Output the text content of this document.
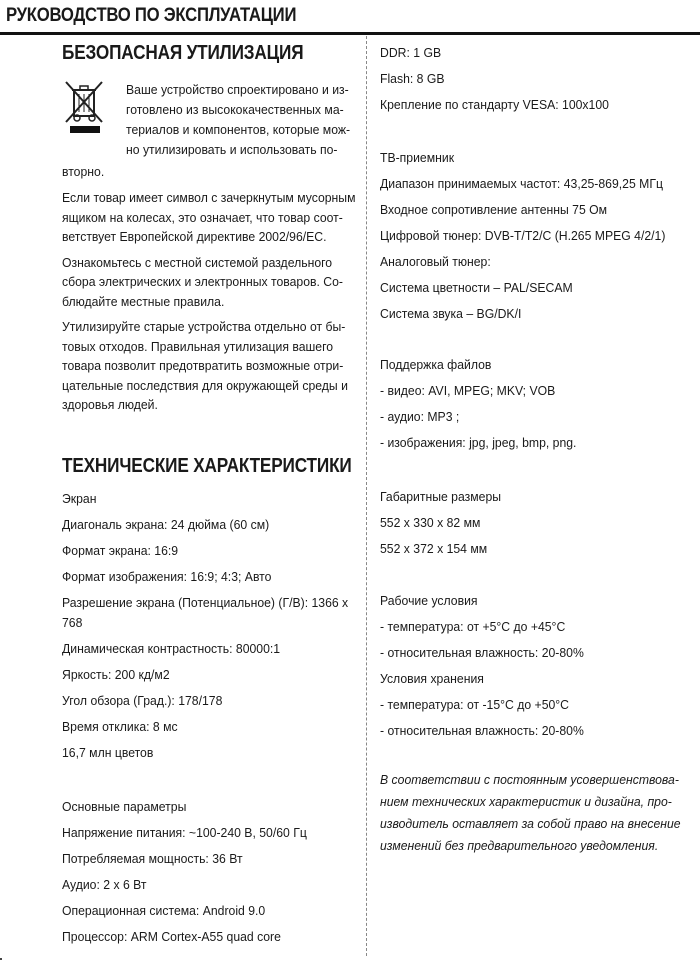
РУКОВОДСТВО ПО ЭКСПЛУАТАЦИИ
БЕЗОПАСНАЯ УТИЛИЗАЦИЯ
Ваше устройство спроектировано и из-
готовлено из высококачественных ма-
териалов и компонентов, которые мож-
но утилизировать и использовать по-
вторно.
Если товар имеет символ с зачеркнутым мусорным
ящиком на колесах, это означает, что товар соот-
ветствует Европейской директиве 2002/96/EC.
Ознакомьтесь с местной системой раздельного
сбора электрических и электронных товаров. Со-
блюдайте местные правила.
Утилизируйте старые устройства отдельно от бы-
товых отходов. Правильная утилизация вашего
товара позволит предотвратить возможные отри-
цательные последствия для окружающей среды и
здоровья людей.
ТЕХНИЧЕСКИЕ ХАРАКТЕРИСТИКИ
Экран
Диагональ экрана: 24 дюйма (60 см)
Формат экрана: 16:9
Формат изображения: 16:9; 4:3; Авто
Разрешение экрана (Потенциальное) (Г/В): 1366 х
768
Динамическая контрастность: 80000:1
Яркость: 200 кд/м2
Угол обзора (Град.): 178/178
Время отклика: 8 мс
16,7 млн цветов
Основные параметры
Напряжение питания: ~100-240 В, 50/60 Гц
Потребляемая мощность: 36 Вт
Аудио: 2 х 6 Вт
Операционная система: Android 9.0
Процессор: ARM Cortex-A55 quad core
DDR: 1 GB
Flash: 8 GB
Крепление по стандарту VESA: 100x100
ТВ-приемник
Диапазон принимаемых частот: 43,25-869,25 МГц
Входное сопротивление антенны 75 Ом
Цифровой тюнер: DVB-T/T2/C (H.265 MPEG 4/2/1)
Аналоговый тюнер:
Система цветности – PAL/SECAM
Система звука – BG/DK/I
Поддержка файлов
- видео: AVI, MPEG; MKV; VOB
- аудио: MP3 ;
- изображения: jpg, jpeg, bmp, png.
Габаритные размеры
552 х 330 х 82 мм
552 х 372 х 154 мм
Рабочие условия
- температура: от +5°С до +45°С
- относительная влажность: 20-80%
Условия хранения
- температура: от -15°С до +50°С
- относительная влажность: 20-80%
В соответствии с постоянным усовершенствова-
нием технических характеристик и дизайна, про-
изводитель оставляет за собой право на внесение
изменений без предварительного уведомления.
